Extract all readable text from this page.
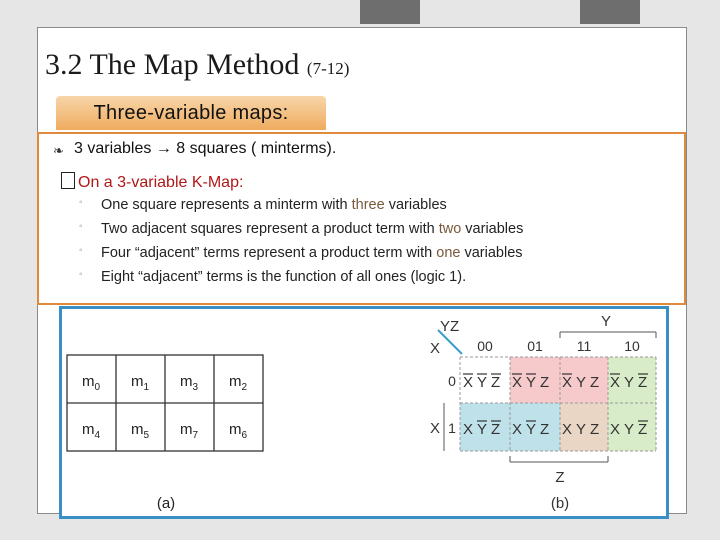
3.2 The Map Method (7-12)
Three-variable maps:
❧ 3 variables → 8 squares ( minterms).
On a 3-variable K-Map:
◦ One square represents a minterm with three variables
◦ Two adjacent squares represent a product term with two variables
◦ Four “adjacent” terms represent a product term with one variables
◦ Eight “adjacent” terms is the function of all ones (logic 1).
$m_0$ $m_1$ $m_3$ $m_2$
$m_4$ $m_5$ $m_7$ $m_6$
(a)
YZ
X	00 01 11 10
Y
0
1
X
Z
X Y Z X Y Z X Y Z X Y Z
X Y Z X Y Z X Y Z X Y Z
(b)
